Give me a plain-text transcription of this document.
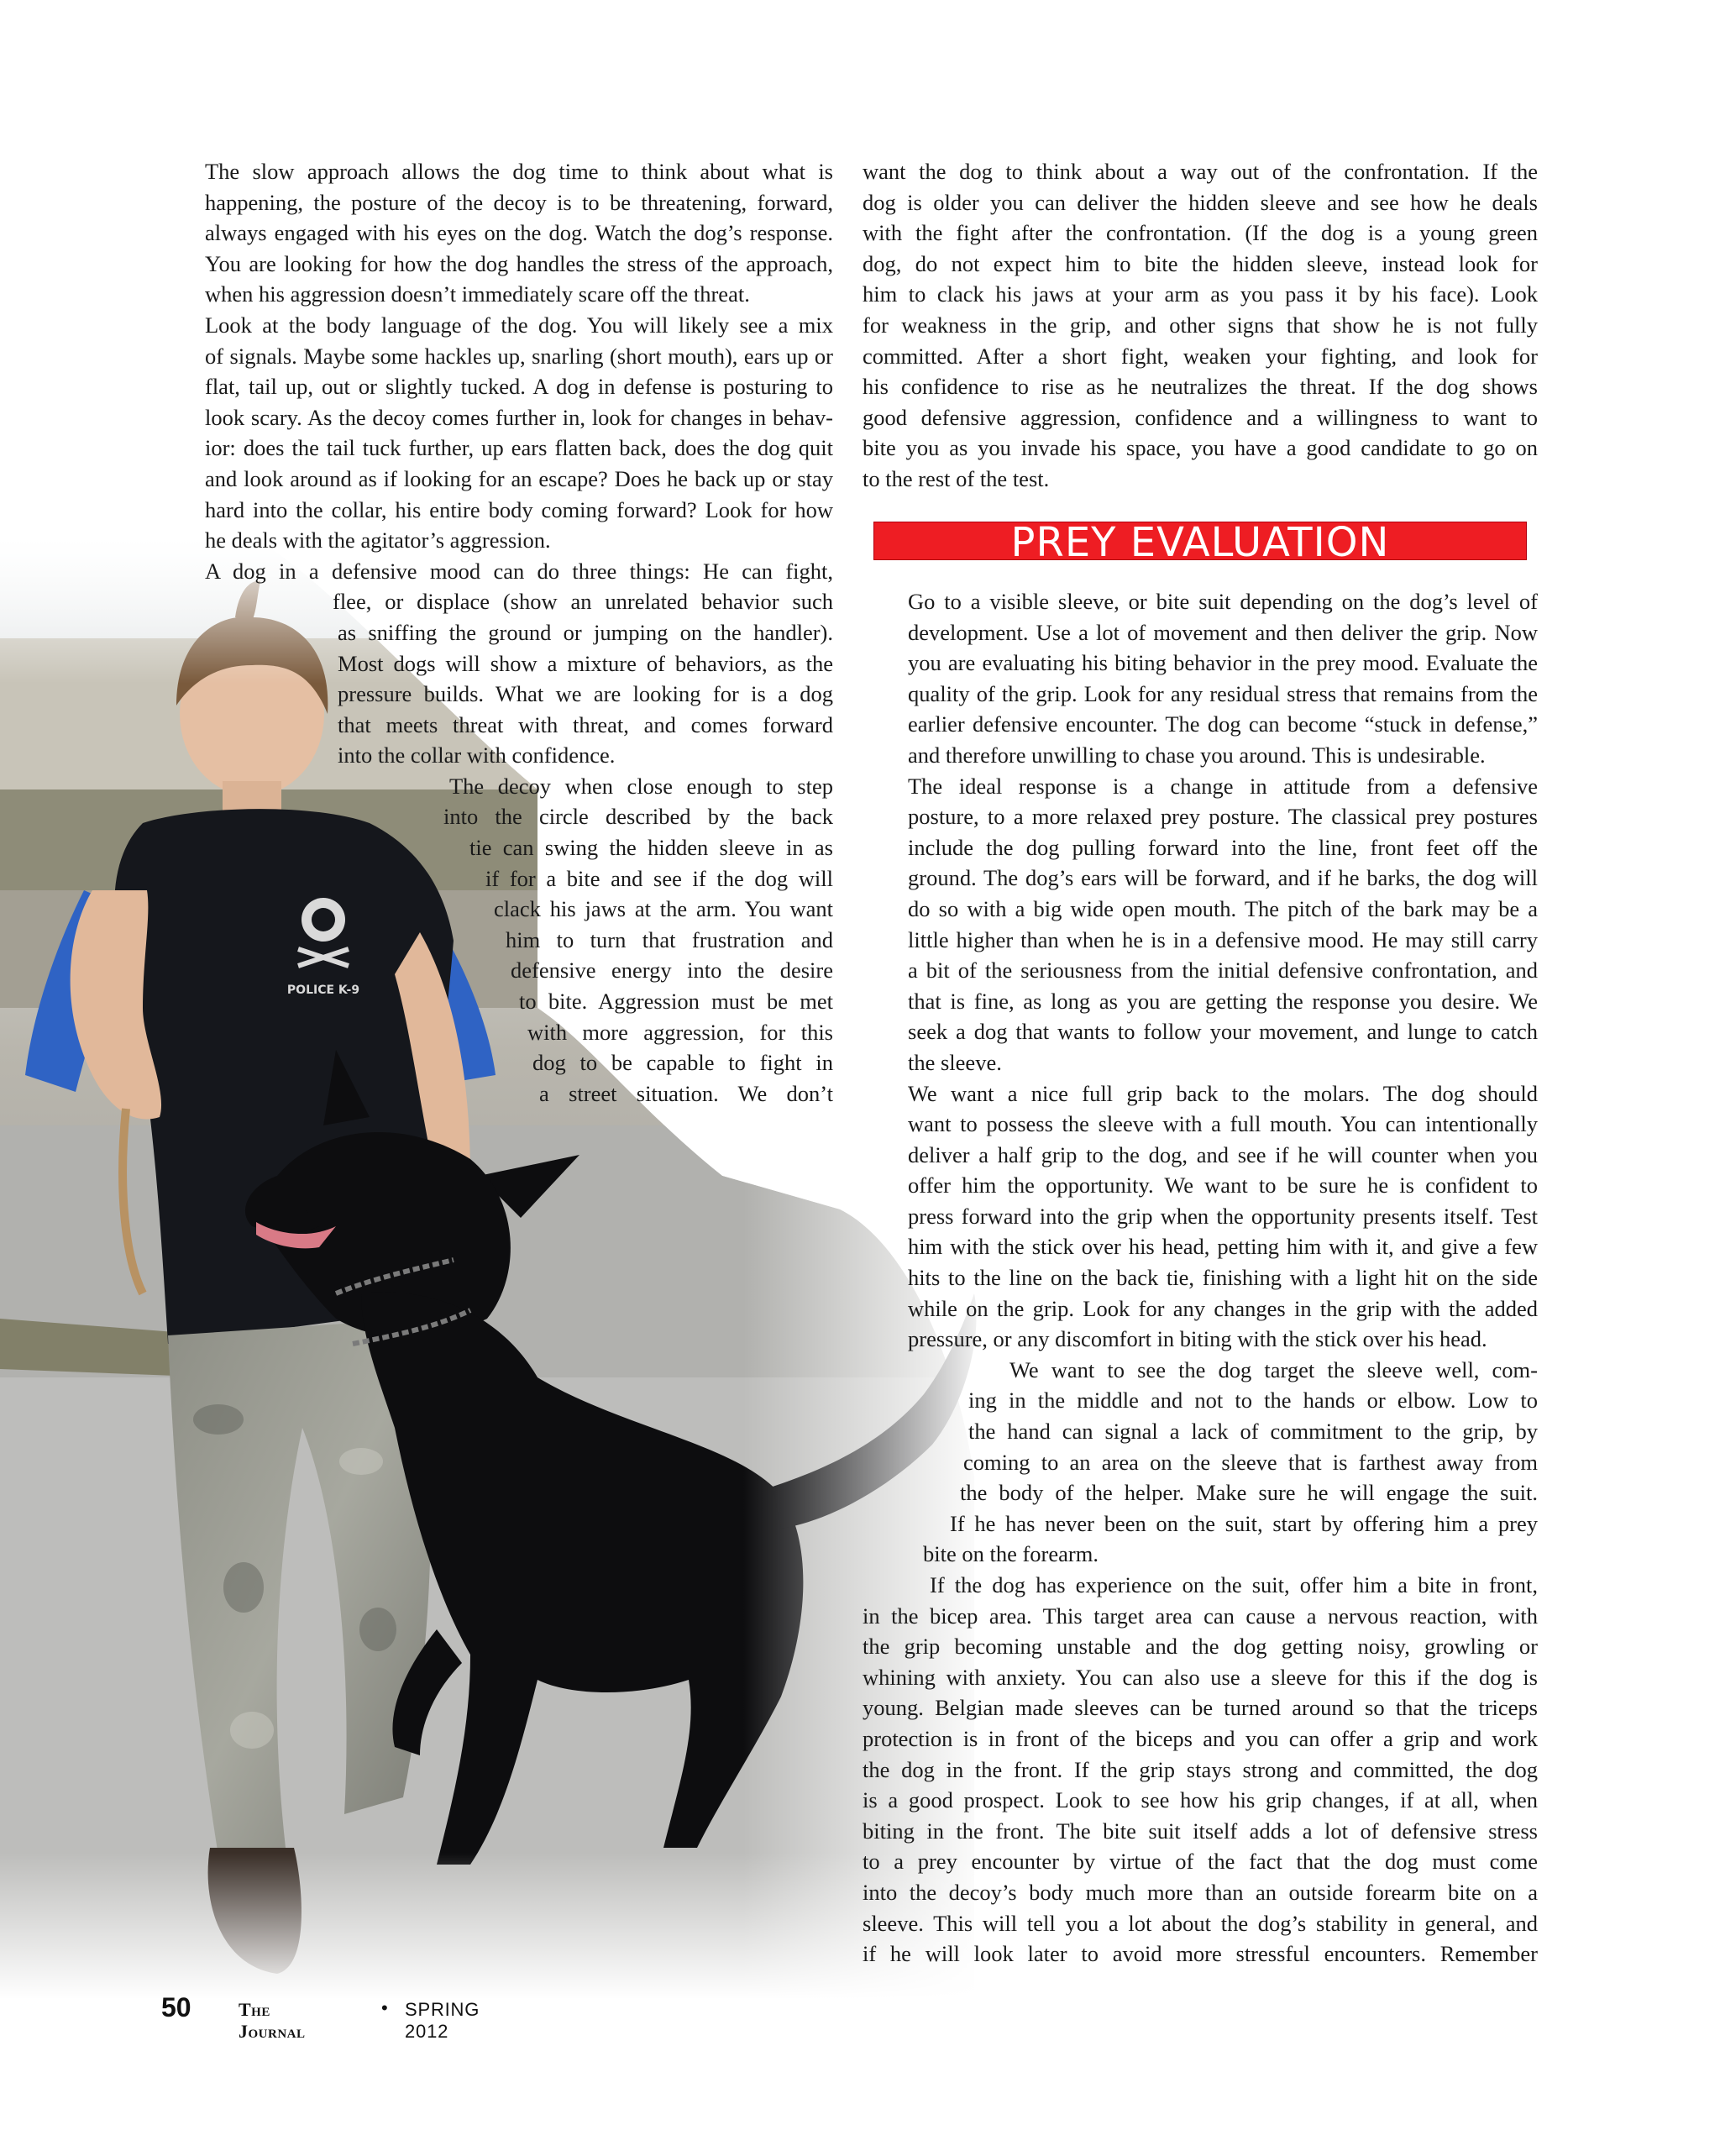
The slow approach allows the dog time to think about what is
happening, the posture of the decoy is to be threatening, forward,
always engaged with his eyes on the dog. Watch the dog’s response.
You are looking for how the dog handles the stress of the approach,
when his aggression doesn’t immediately scare off the threat.

Look at the body language of the dog. You will likely see a mix
of signals. Maybe some hackles up, snarling (short mouth), ears up or
flat, tail up, out or slightly tucked. A dog in defense is posturing to
look scary. As the decoy comes further in, look for changes in behav-
ior: does the tail tuck further, up ears flatten back, does the dog quit
and look around as if looking for an escape? Does he back up or stay
hard into the collar, his entire body coming forward? Look for how
he deals with the agitator’s aggression.

A dog in a defensive mood can do three things: He can fight,
flee, or displace (show an unrelated behavior such
as sniffing the ground or jumping on the handler).
Most dogs will show a mixture of behaviors, as the
pressure builds. What we are looking for is a dog
that meets threat with threat, and comes forward
into the collar with confidence.

The decoy when close enough to step
into the circle described by the back
tie can swing the hidden sleeve in as
if for a bite and see if the dog will
clack his jaws at the arm. You want
him to turn that frustration and
defensive energy into the desire
to bite. Aggression must be met
with more aggression, for this
dog to be capable to fight in
a street situation. We don’t

want the dog to think about a way out of the confrontation. If the
dog is older you can deliver the hidden sleeve and see how he deals
with the fight after the confrontation. (If the dog is a young green
dog, do not expect him to bite the hidden sleeve, instead look for
him to clack his jaws at your arm as you pass it by his face). Look
for weakness in the grip, and other signs that show he is not fully
committed. After a short fight, weaken your fighting, and look for
his confidence to rise as he neutralizes the threat. If the dog shows
good defensive aggression, confidence and a willingness to want to
bite you as you invade his space, you have a good candidate to go on
to the rest of the test.

PREY EVALUATION

Go to a visible sleeve, or bite suit depending on the dog’s level of
development. Use a lot of movement and then deliver the grip. Now
you are evaluating his biting behavior in the prey mood. Evaluate the
quality of the grip. Look for any residual stress that remains from the
earlier defensive encounter. The dog can become “stuck in defense,”
and therefore unwilling to chase you around. This is undesirable.

The ideal response is a change in attitude from a defensive
posture, to a more relaxed prey posture. The classical prey postures
include the dog pulling forward into the line, front feet off the
ground. The dog’s ears will be forward, and if he barks, the dog will
do so with a big wide open mouth. The pitch of the bark may be a
little higher than when he is in a defensive mood. He may still carry
a bit of the seriousness from the initial defensive confrontation, and
that is fine, as long as you are getting the response you desire. We
seek a dog that wants to follow your movement, and lunge to catch
the sleeve.

We want a nice full grip back to the molars. The dog should
want to possess the sleeve with a full mouth. You can intentionally
deliver a half grip to the dog, and see if he will counter when you
offer him the opportunity. We want to be sure he is confident to
press forward into the grip when the opportunity presents itself. Test
him with the stick over his head, petting him with it, and give a few
hits to the line on the back tie, finishing with a light hit on the side
while on the grip. Look for any changes in the grip with the added
pressure, or any discomfort in biting with the stick over his head.

We want to see the dog target the sleeve well, com-
ing in the middle and not to the hands or elbow. Low to
the hand can signal a lack of commitment to the grip, by
coming to an area on the sleeve that is farthest away from
the body of the helper. Make sure he will engage the suit.
If he has never been on the suit, start by offering him a prey
bite on the forearm.

If the dog has experience on the suit, offer him a bite in front,
in the bicep area. This target area can cause a nervous reaction, with
the grip becoming unstable and the dog getting noisy, growling or
whining with anxiety. You can also use a sleeve for this if the dog is
young. Belgian made sleeves can be turned around so that the triceps
protection is in front of the biceps and you can offer a grip and work
the dog in the front. If the grip stays strong and committed, the dog
is a good prospect. Look to see how his grip changes, if at all, when
biting in the front. The bite suit itself adds a lot of defensive stress
to a prey encounter by virtue of the fact that the dog must come
into the decoy’s body much more than an outside forearm bite on a
sleeve. This will tell you a lot about the dog’s stability in general, and
if he will look later to avoid more stressful encounters. Remember

50	The Journal
• SPRING 2012
